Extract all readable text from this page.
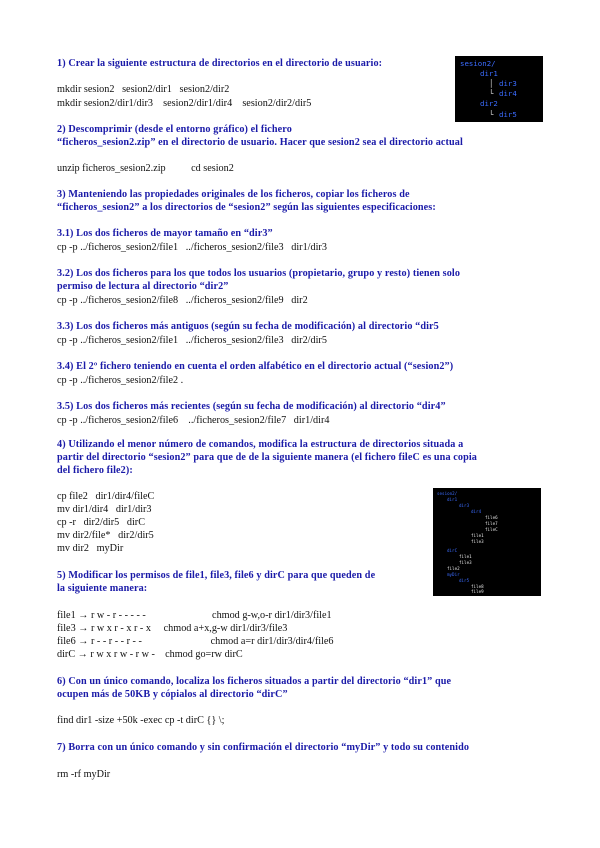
1) Crear la siguiente estructura de directorios en el directorio de usuario:
mkdir sesion2   sesion2/dir1   sesion2/dir2
mkdir sesion2/dir1/dir3    sesion2/dir1/dir4    sesion2/dir2/dir5
2) Descomprimir (desde el entorno gráfico) el fichero
“ficheros_sesion2.zip” en el directorio de usuario. Hacer que sesion2 sea el directorio actual
unzip ficheros_sesion2.zip          cd sesion2
3) Manteniendo las propiedades originales de los ficheros, copiar los ficheros de
“ficheros_sesion2” a los directorios de “sesion2” según las siguientes especificaciones:
3.1) Los dos ficheros de mayor tamaño en “dir3”
cp -p ../ficheros_sesion2/file1   ../ficheros_sesion2/file3   dir1/dir3
3.2) Los dos ficheros para los que todos los usuarios (propietario, grupo y resto) tienen solo
permiso de lectura al directorio “dir2”
cp -p ../ficheros_sesion2/file8   ../ficheros_sesion2/file9   dir2
3.3) Los dos ficheros más antiguos (según su fecha de modificación) al directorio “dir5
cp -p ../ficheros_sesion2/file1   ../ficheros_sesion2/file3   dir2/dir5
3.4) El 2º fichero teniendo en cuenta el orden alfabético en el directorio actual (“sesion2”)
cp -p ../ficheros_sesion2/file2 .
3.5) Los dos ficheros más recientes (según su fecha de modificación) al directorio “dir4”
cp -p ../ficheros_sesion2/file6    ../ficheros_sesion2/file7   dir1/dir4
4) Utilizando el menor número de comandos, modifica la estructura de directorios situada a
partir del directorio “sesion2” para que de de la siguiente manera (el fichero fileC es una copia
del fichero file2):
cp file2   dir1/dir4/fileC
mv dir1/dir4   dir1/dir3
cp -r   dir2/dir5   dirC
mv dir2/file*   dir2/dir5
mv dir2   myDir
5) Modificar los permisos de file1, file3, file6 y dirC para que queden de
la siguiente manera:
file1 → r w - r - - - - -                          chmod g-w,o-r dir1/dir3/file1
file3 → r w x r - x r - x     chmod a+x,g-w dir1/dir3/file3
file6 → r - - r - - r - -                           chmod a=r dir1/dir3/dir4/file6
dirC → r w x r w - r w -    chmod go=rw dirC
6) Con un único comando, localiza los ficheros situados a partir del directorio “dir1” que
ocupen más de 50KB y cópialos al directorio “dirC”
find dir1 -size +50k -exec cp -t dirC {} \;
7) Borra con un único comando y sin confirmación el directorio “myDir” y todo su contenido
rm -rf myDir
sesion2/
dir1
dir3
dir4
dir2
dir5
└
│
└
sesion2/
dir1
dir3
dir4
file6
file7
fileC
file1
file3
dirC
file1
file3
file2
myDir
dir5
file8
file9
